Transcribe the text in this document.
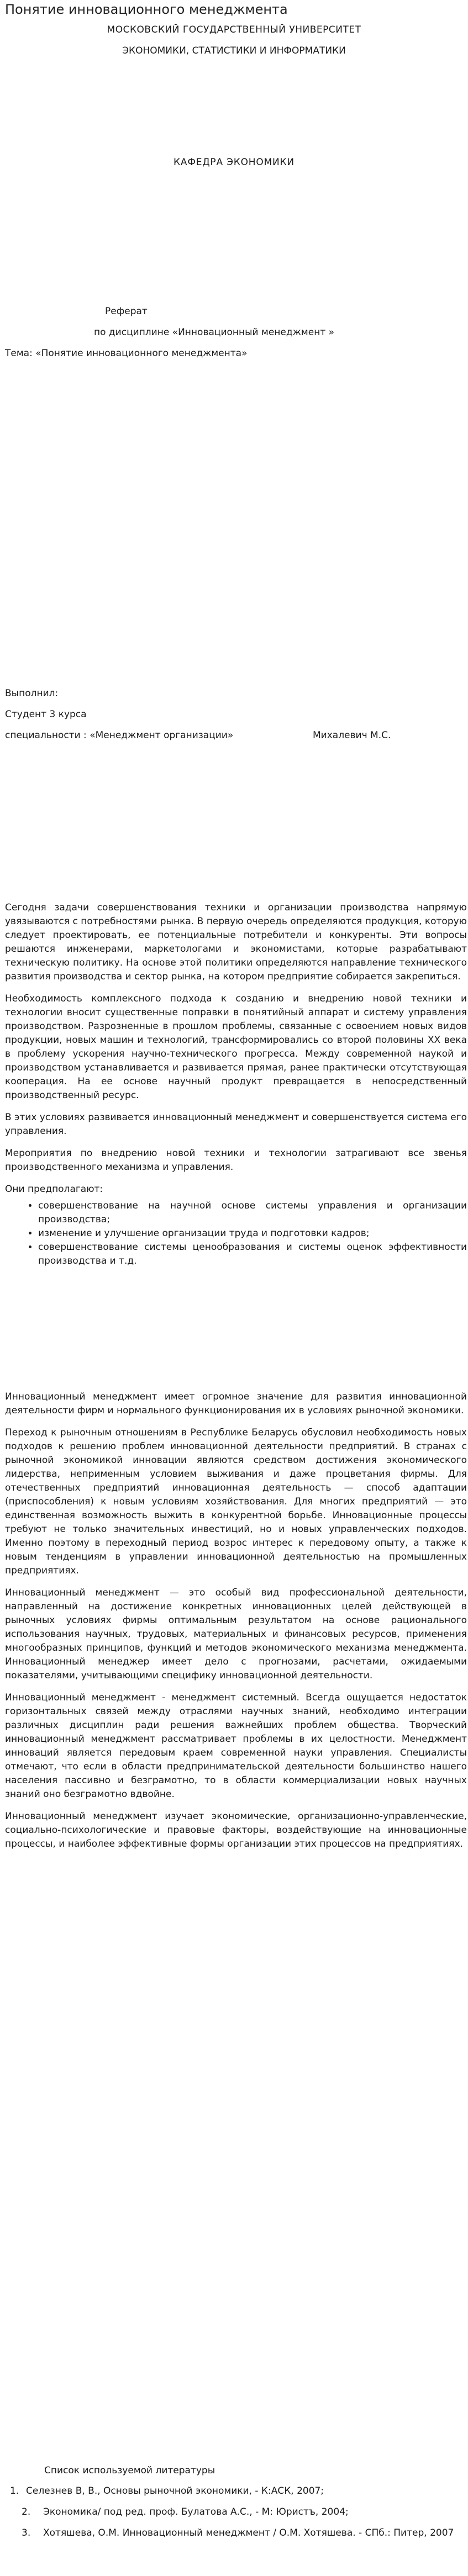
Понятие инновационного менеджмента
МОСКОВСКИЙ ГОСУДАРСТВЕННЫЙ УНИВЕРСИТЕТ
ЭКОНОМИКИ, СТАТИСТИКИ И ИНФОРМАТИКИ
КАФЕДРА ЭКОНОМИКИ
Реферат
по дисциплине «Инновационный менеджмент »
Тема: «Понятие инновационного менеджмента»
Выполнил:
Студент 3 курса
специальности : «Менеджмент организации»	Михалевич М.С.

Сегодня задачи совершенствования техники и организации производства напрямую увязываются с потребностями рынка. В первую очередь определяются продукция, которую следует проектировать, ее потенциальные потребители и конкуренты. Эти вопросы решаются инженерами, маркетологами и экономистами, которые разрабатывают техническую политику. На основе этой политики определяются направление технического развития производства и сектор рынка, на котором предприятие собирается закрепиться.

Необходимость комплексного подхода к созданию и внедрению новой техники и технологии вносит существенные поправки в понятийный аппарат и систему управления производством. Разрозненные в прошлом проблемы, связанные с освоением новых видов продукции, новых машин и технологий, трансформировались со второй половины XX века в проблему ускорения научно-технического прогресса. Между современной наукой и производством устанавливается и развивается прямая, ранее практически отсутствующая кооперация. На ее основе научный продукт превращается в непосредственный производственный ресурс.

В этих условиях развивается инновационный менеджмент и совершенствуется система его управления.

Мероприятия по внедрению новой техники и технологии затрагивают все звенья производственного механизма и управления.

Они предполагают:

• совершенствование на научной основе системы управления и организации производства;
• изменение и улучшение организации труда и подготовки кадров;
• совершенствование системы ценообразования и системы оценок эффективности производства и т.д.

Инновационный менеджмент имеет огромное значение для развития инновационной деятельности фирм и нормального функционирования их в условиях рыночной экономики.

Переход к рыночным отношениям в Республике Беларусь обусловил необходимость новых подходов к решению проблем инновационной деятельности предприятий. В странах с рыночной экономикой инновации являются средством достижения экономического лидерства, неприменным условием выживания и даже процветания фирмы. Для отечественных предприятий инновационная деятельность — способ адаптации (приспособления) к новым условиям хозяйствования. Для многих предприятий — это единственная возможность выжить в конкурентной борьбе. Инновационные процессы требуют не только значительных инвестиций, но и новых управленческих подходов. Именно поэтому в переходный период возрос интерес к передовому опыту, а также к новым тенденциям в управлении инновационной деятельностью на промышленных предприятиях.

Инновационный менеджмент — это особый вид профессиональной деятельности, направленный на достижение конкретных инновационных целей действующей в рыночных условиях фирмы оптимальным результатом на основе рационального использования научных, трудовых, материальных и финансовых ресурсов, применения многообразных принципов, функций и методов экономического механизма менеджмента. Инновационный менеджер имеет дело с прогнозами, расчетами, ожидаемыми показателями, учитывающими специфику инновационной деятельности.

Инновационный менеджмент - менеджмент системный. Всегда ощущается недостаток горизонтальных связей между отраслями научных знаний, необходимо интеграции различных дисциплин ради решения важнейших проблем общества. Творческий инновационный менеджмент рассматривает проблемы в их целостности. Менеджмент инноваций является передовым краем современной науки управления. Специалисты отмечают, что если в области предпринимательской деятельности большинство нашего населения пассивно и безграмотно, то в области коммерциализации новых научных знаний оно безграмотно вдвойне.

Инновационный менеджмент изучает экономические, организационно-управленческие, социально-психологические и правовые факторы, воздействующие на инновационные процессы, и наиболее эффективные формы организации этих процессов на предприятиях.

Список используемой литературы
1. Селезнев В, В., Основы рыночной экономики, - К:АСК, 2007;
2. Экономика/ под ред. проф. Булатова А.С., - М: Юристъ, 2004;
3. Хотяшева, О.М. Инновационный менеджмент / О.М. Хотяшева. - СПб.: Питер, 2007
